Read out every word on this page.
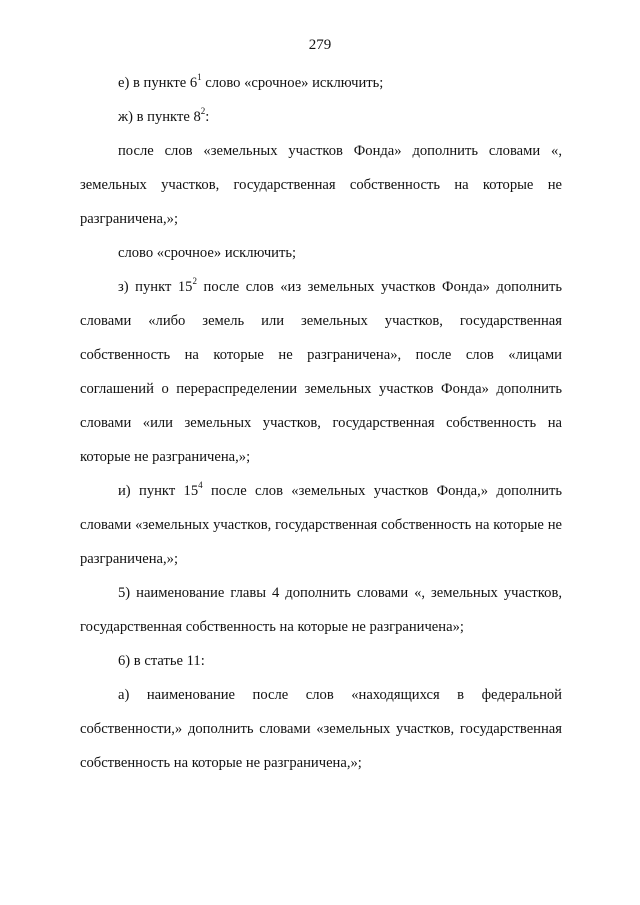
279

е) в пункте $6^1$ слово «срочное» исключить;

ж) в пункте $8^2$:

после слов «земельных участков Фонда» дополнить словами «, земельных участков, государственная собственность на которые не разграничена,»;

слово «срочное» исключить;

з) пункт $15^2$ после слов «из земельных участков Фонда» дополнить словами «либо земель или земельных участков, государственная собственность на которые не разграничена», после слов «лицами соглашений о перераспределении земельных участков Фонда» дополнить словами «или земельных участков, государственная собственность на которые не разграничена,»;

и) пункт $15^4$ после слов «земельных участков Фонда,» дополнить словами «земельных участков, государственная собственность на которые не разграничена,»;

5) наименование главы 4 дополнить словами «, земельных участков, государственная собственность на которые не разграничена»;

6) в статье 11:

а) наименование после слов «находящихся в федеральной собственности,» дополнить словами «земельных участков, государственная собственность на которые не разграничена,»;
